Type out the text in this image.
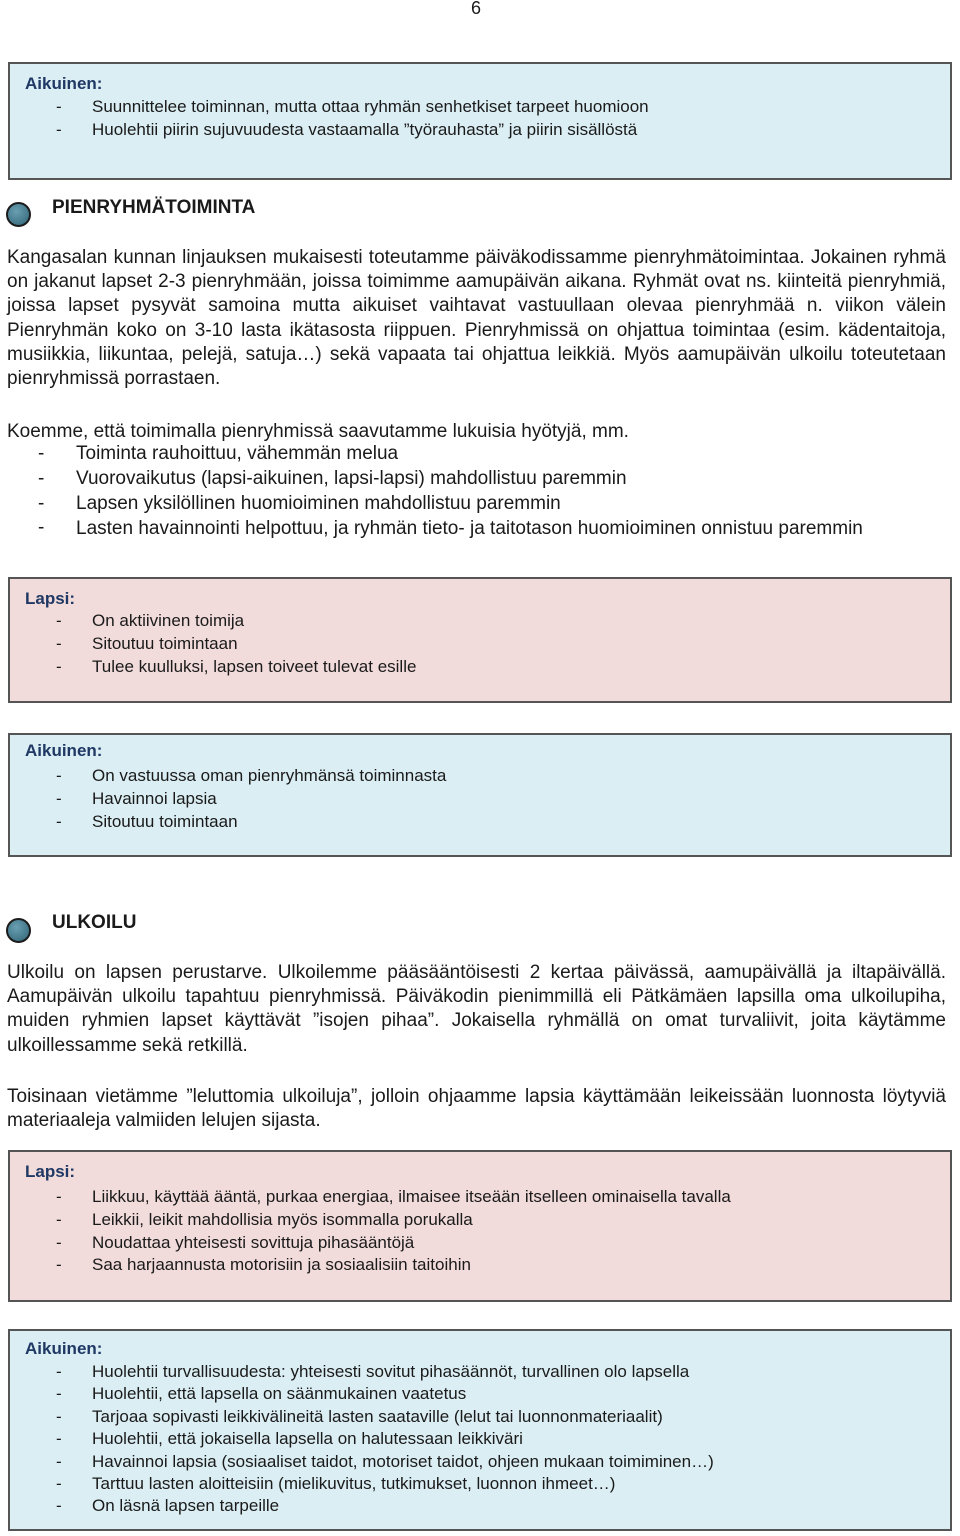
6
Aikuinen:
- Suunnittelee toiminnan, mutta ottaa ryhmän senhetkiset tarpeet huomioon
- Huolehtii piirin sujuvuudesta vastaamalla ”työrauhasta” ja piirin sisällöstä
PIENRYHMÄTOIMINTA
Kangasalan kunnan linjauksen mukaisesti toteutamme päiväkodissamme pienryhmätoimintaa. Jokainen ryhmä on jakanut lapset 2-3 pienryhmään, joissa toimimme aamupäivän aikana. Ryhmät ovat ns. kiinteitä pienryhmiä, joissa lapset pysyvät samoina mutta aikuiset vaihtavat vastuullaan olevaa pienryhmää n. viikon välein Pienryhmän koko on 3-10 lasta ikätasosta riippuen. Pienryhmissä on ohjattua toimintaa (esim. kädentaitoja, musiikkia, liikuntaa, pelejä, satuja…) sekä vapaata tai ohjattua leikkiä. Myös aamupäivän ulkoilu toteutetaan pienryhmissä porrastaen.
Koemme, että toimimalla pienryhmissä saavutamme lukuisia hyötyjä, mm.
- Toiminta rauhoittuu, vähemmän melua
- Vuorovaikutus (lapsi-aikuinen, lapsi-lapsi) mahdollistuu paremmin
- Lapsen yksilöllinen huomioiminen mahdollistuu paremmin
- Lasten havainnointi helpottuu, ja ryhmän tieto- ja taitotason huomioiminen onnistuu paremmin
Lapsi:
- On aktiivinen toimija
- Sitoutuu toimintaan
- Tulee kuulluksi, lapsen toiveet tulevat esille
Aikuinen:
- On vastuussa oman pienryhmänsä toiminnasta
- Havainnoi lapsia
- Sitoutuu toimintaan
ULKOILU
Ulkoilu on lapsen perustarve. Ulkoilemme pääsääntöisesti 2 kertaa päivässä, aamupäivällä ja iltapäivällä. Aamupäivän ulkoilu tapahtuu pienryhmissä. Päiväkodin pienimmillä eli Pätkämäen lapsilla oma ulkoilupiha, muiden ryhmien lapset käyttävät ”isojen pihaa”. Jokaisella ryhmällä on omat turvaliivit, joita käytämme ulkoillessamme sekä retkillä.
Toisinaan vietämme ”leluttomia ulkoiluja”, jolloin ohjaamme lapsia käyttämään leikeissään luonnosta löytyviä materiaaleja valmiiden lelujen sijasta.
Lapsi:
- Liikkuu, käyttää ääntä, purkaa energiaa, ilmaisee itseään itselleen ominaisella tavalla
- Leikkii, leikit mahdollisia myös isommalla porukalla
- Noudattaa yhteisesti sovittuja pihasääntöjä
- Saa harjaannusta motorisiin ja sosiaalisiin taitoihin
Aikuinen:
- Huolehtii turvallisuudesta: yhteisesti sovitut pihasäännöt, turvallinen olo lapsella
- Huolehtii, että lapsella on säänmukainen vaatetus
- Tarjoaa sopivasti leikkivälineitä lasten saataville (lelut tai luonnonmateriaalit)
- Huolehtii, että jokaisella lapsella on halutessaan leikkiväri
- Havainnoi lapsia (sosiaaliset taidot, motoriset taidot, ohjeen mukaan toimiminen…)
- Tarttuu lasten aloitteisiin (mielikuvitus, tutkimukset, luonnon ihmeet…)
- On läsnä lapsen tarpeille
